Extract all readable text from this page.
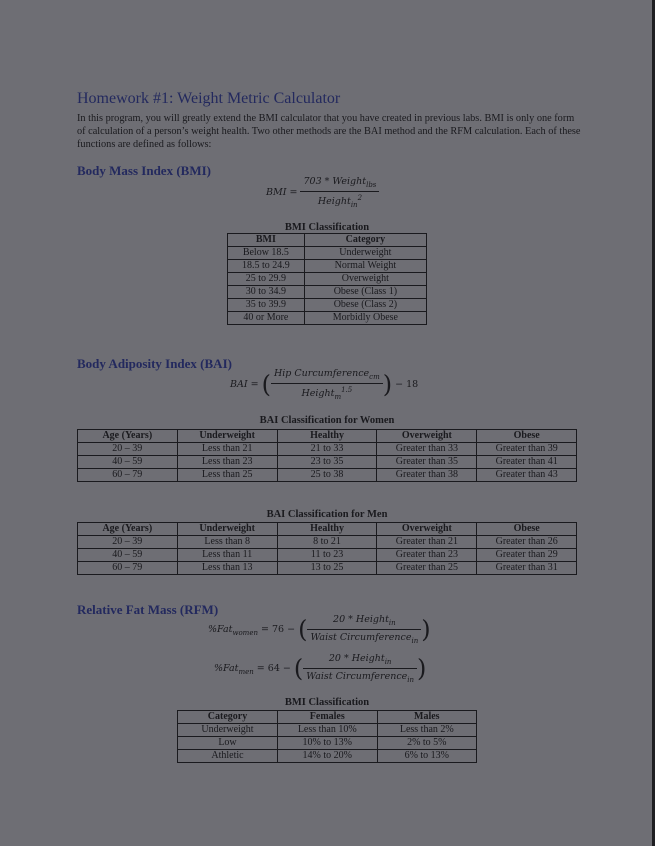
Homework #1: Weight Metric Calculator
In this program, you will greatly extend the BMI calculator that you have created in previous labs. BMI is only one form of calculation of a person’s weight health. Two other methods are the BAI method and the RFM calculation. Each of these functions are defined as follows:
Body Mass Index (BMI)
BMI = $\frac{703 * Weight_{lbs}}{Height_{in}^2}$
BMI Classification
BMI	Category
Below 18.5	Underweight
18.5 to 24.9	Normal Weight
25 to 29.9	Overweight
30 to 34.9	Obese (Class 1)
35 to 39.9	Obese (Class 2)
40 or More	Morbidly Obese
Body Adiposity Index (BAI)
BAI = ( $\frac{Hip Curcumference_{cm}}{Height_m^{1.5}}$ ) − 18
BAI Classification for Women
Age (Years)	Underweight	Healthy	Overweight	Obese
20 – 39	Less than 21	21 to 33	Greater than 33	Greater than 39
40 – 59	Less than 23	23 to 35	Greater than 35	Greater than 41
60 – 79	Less than 25	25 to 38	Greater than 38	Greater than 43
BAI Classification for Men
Age (Years)	Underweight	Healthy	Overweight	Obese
20 – 39	Less than 8	8 to 21	Greater than 21	Greater than 26
40 – 59	Less than 11	11 to 23	Greater than 23	Greater than 29
60 – 79	Less than 13	13 to 25	Greater than 25	Greater than 31
Relative Fat Mass (RFM)
%Fat$_{women}$ = 76 − ( $\frac{20 * Height_{in}}{Waist Circumference_{in}}$ )
%Fat$_{men}$ = 64 − ( $\frac{20 * Height_{in}}{Waist Circumference_{in}}$ )
BMI Classification
Category	Females	Males
Underweight	Less than 10%	Less than 2%
Low	10% to 13%	2% to 5%
Athletic	14% to 20%	6% to 13%
